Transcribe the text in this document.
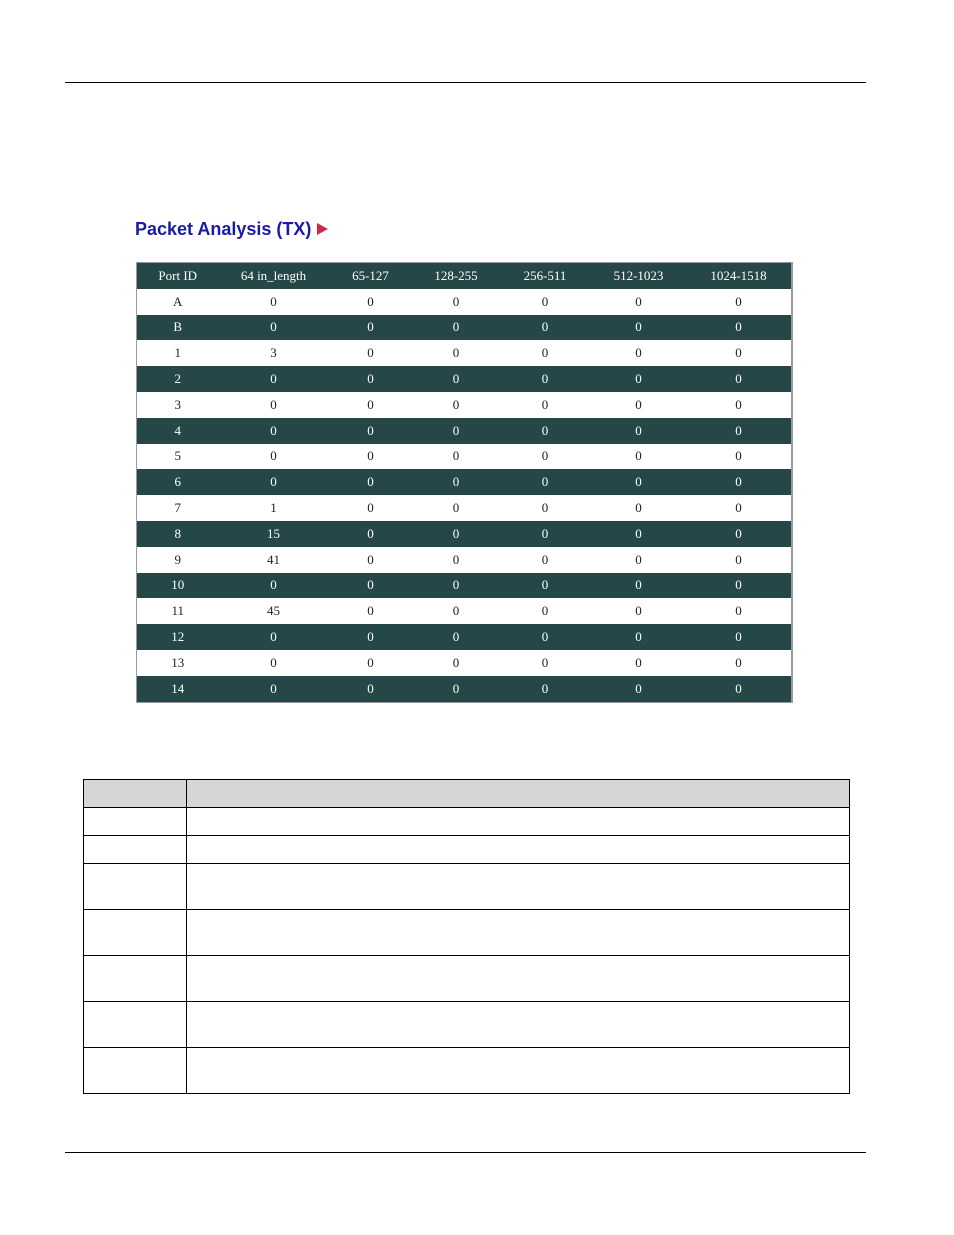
Packet Analysis (TX)
Port ID	64 in_length	65-127	128-255	256-511	512-1023	1024-1518
A	0	0	0	0	0	0
B	0	0	0	0	0	0
1	3	0	0	0	0	0
2	0	0	0	0	0	0
3	0	0	0	0	0	0
4	0	0	0	0	0	0
5	0	0	0	0	0	0
6	0	0	0	0	0	0
7	1	0	0	0	0	0
8	15	0	0	0	0	0
9	41	0	0	0	0	0
10	0	0	0	0	0	0
11	45	0	0	0	0	0
12	0	0	0	0	0	0
13	0	0	0	0	0	0
14	0	0	0	0	0	0
